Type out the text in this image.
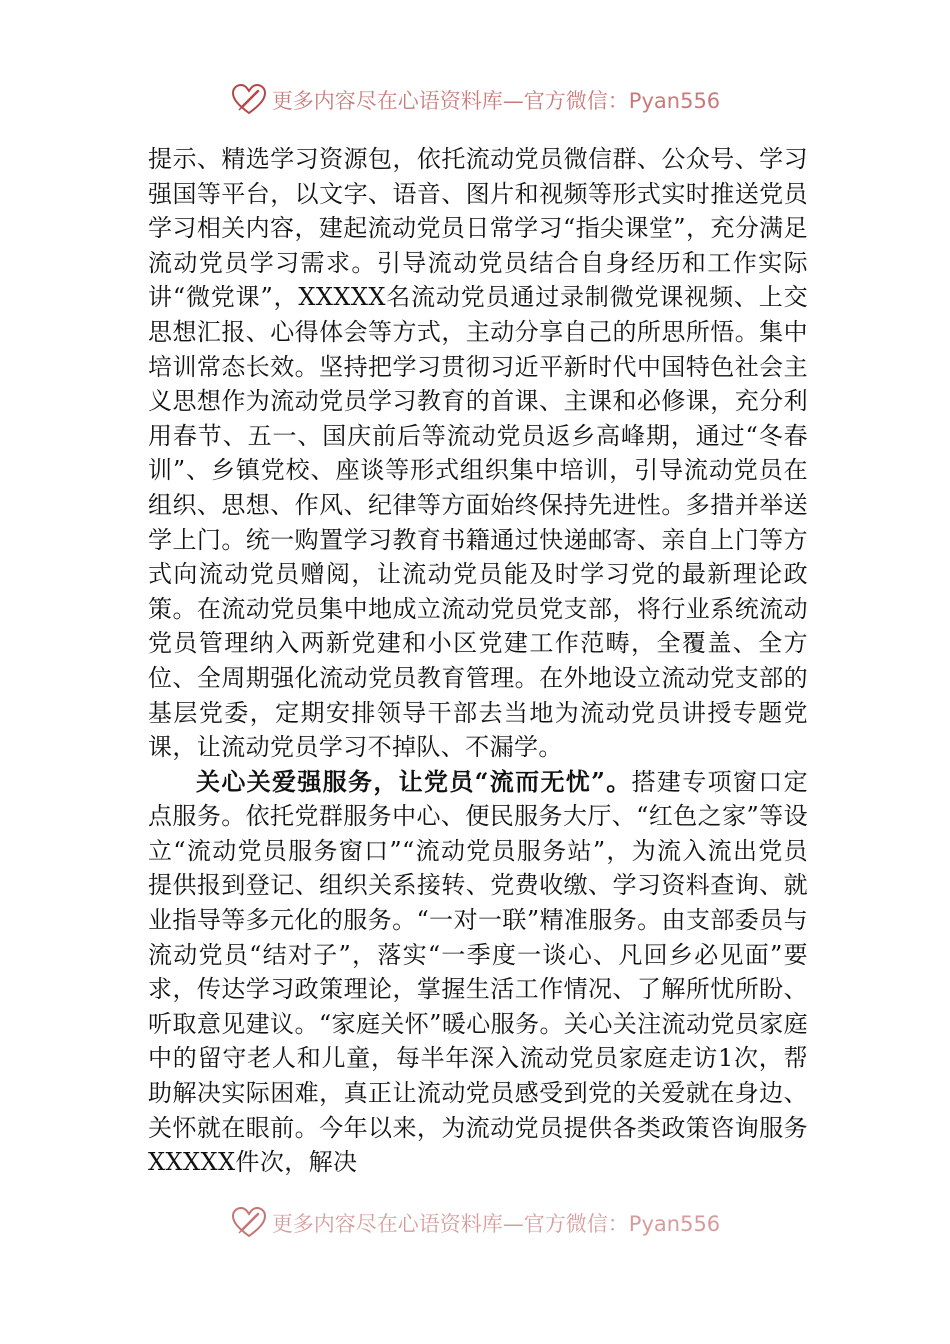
更多内容尽在心语资料库—官方微信：Pyan556

提示、精选学习资源包，依托流动党员微信群、公众号、学习强国等平台，以文字、语音、图片和视频等形式实时推送党员学习相关内容，建起流动党员日常学习“指尖课堂”，充分满足流动党员学习需求。引导流动党员结合自身经历和工作实际讲“微党课”，XXXXX名流动党员通过录制微党课视频、上交思想汇报、心得体会等方式，主动分享自己的所思所悟。集中培训常态长效。坚持把学习贯彻习近平新时代中国特色社会主义思想作为流动党员学习教育的首课、主课和必修课，充分利用春节、五一、国庆前后等流动党员返乡高峰期，通过“冬春训”、乡镇党校、座谈等形式组织集中培训，引导流动党员在组织、思想、作风、纪律等方面始终保持先进性。多措并举送学上门。统一购置学习教育书籍通过快递邮寄、亲自上门等方式向流动党员赠阅，让流动党员能及时学习党的最新理论政策。在流动党员集中地成立流动党员党支部，将行业系统流动党员管理纳入两新党建和小区党建工作范畴，全覆盖、全方位、全周期强化流动党员教育管理。在外地设立流动党支部的基层党委，定期安排领导干部去当地为流动党员讲授专题党课，让流动党员学习不掉队、不漏学。

关心关爱强服务，让党员“流而无忧”。搭建专项窗口定点服务。依托党群服务中心、便民服务大厅、“红色之家”等设立“流动党员服务窗口”“流动党员服务站”，为流入流出党员提供报到登记、组织关系接转、党费收缴、学习资料查询、就业指导等多元化的服务。“一对一联”精准服务。由支部委员与流动党员“结对子”，落实“一季度一谈心、凡回乡必见面”要求，传达学习政策理论，掌握生活工作情况、了解所忧所盼、听取意见建议。“家庭关怀”暖心服务。关心关注流动党员家庭中的留守老人和儿童，每半年深入流动党员家庭走访1次，帮助解决实际困难，真正让流动党员感受到党的关爱就在身边、关怀就在眼前。今年以来，为流动党员提供各类政策咨询服务XXXXX件次，解决

更多内容尽在心语资料库—官方微信：Pyan556
